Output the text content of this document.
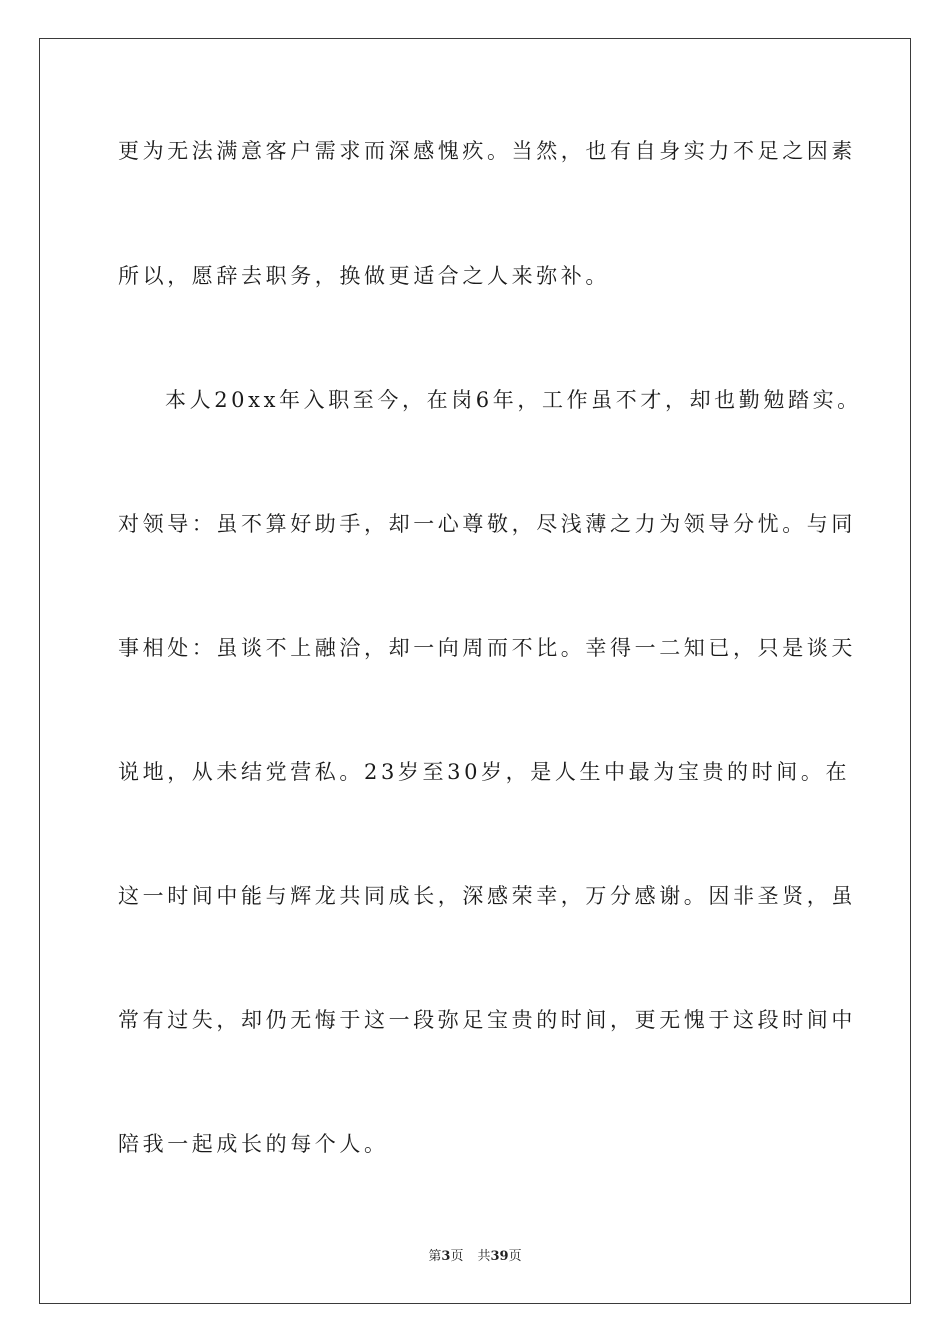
更为无法满意客户需求而深感愧疚。当然，也有自身实力不足之因素
所以，愿辞去职务，换做更适合之人来弥补。
本人20xx年入职至今，在岗6年，工作虽不才，却也勤勉踏实。
对领导：虽不算好助手，却一心尊敬，尽浅薄之力为领导分忧。与同
事相处：虽谈不上融洽，却一向周而不比。幸得一二知已，只是谈天
说地，从未结党营私。23岁至30岁，是人生中最为宝贵的时间。在
这一时间中能与辉龙共同成长，深感荣幸，万分感谢。因非圣贤，虽
常有过失，却仍无悔于这一段弥足宝贵的时间，更无愧于这段时间中
陪我一起成长的每个人。
第3页 共39页
